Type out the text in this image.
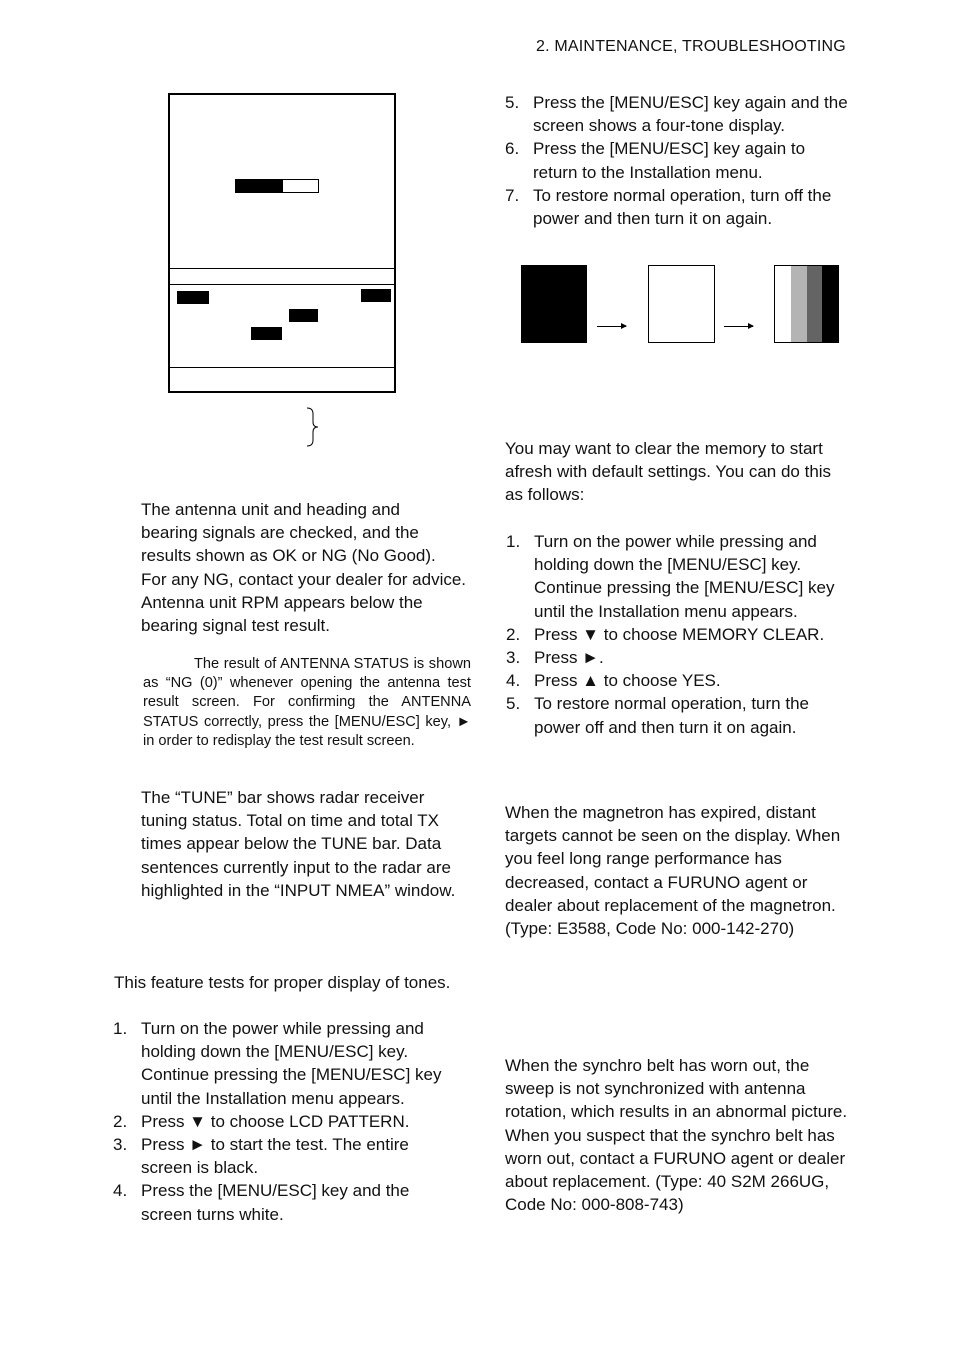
2. MAINTENANCE, TROUBLESHOOTING

The antenna unit and heading and

bearing signals are checked, and the

results shown as OK or NG (No Good).

For any NG, contact your dealer for advice.

Antenna unit RPM appears below the

bearing signal test result.

The result of ANTENNA STATUS is shown as “NG (0)” whenever opening the antenna test result screen. For confirming the ANTENNA STATUS correctly, press the [MENU/ESC] key, ► in order to redisplay the test result screen.

The “TUNE” bar shows radar receiver

tuning status. Total on time and total TX

times appear below the TUNE bar. Data

sentences currently input to the radar are

highlighted in the “INPUT NMEA” window.

This feature tests for proper display of tones.

1. Turn on the power while pressing and
holding down the [MENU/ESC] key.
Continue pressing the [MENU/ESC] key
until the Installation menu appears.
2. Press ▼ to choose LCD PATTERN.
3. Press ► to start the test. The entire
screen is black.
4. Press the [MENU/ESC] key and the
screen turns white.
5. Press the [MENU/ESC] key again and the
screen shows a four-tone display.
6. Press the [MENU/ESC] key again to
return to the Installation menu.
7. To restore normal operation, turn off the
power and then turn it on again.

You may want to clear the memory to start

afresh with default settings. You can do this

as follows:

1. Turn on the power while pressing and
holding down the [MENU/ESC] key.
Continue pressing the [MENU/ESC] key
until the Installation menu appears.
2. Press ▼ to choose MEMORY CLEAR.
3. Press ►.
4. Press ▲ to choose YES.
5. To restore normal operation, turn the
power off and then turn it on again.

When the magnetron has expired, distant

targets cannot be seen on the display. When

you feel long range performance has

decreased, contact a FURUNO agent or

dealer about replacement of the magnetron.

(Type: E3588, Code No: 000-142-270)

When the synchro belt has worn out, the

sweep is not synchronized with antenna

rotation, which results in an abnormal picture.

When you suspect that the synchro belt has

worn out, contact a FURUNO agent or dealer

about replacement. (Type: 40 S2M 266UG,

Code No: 000-808-743)
